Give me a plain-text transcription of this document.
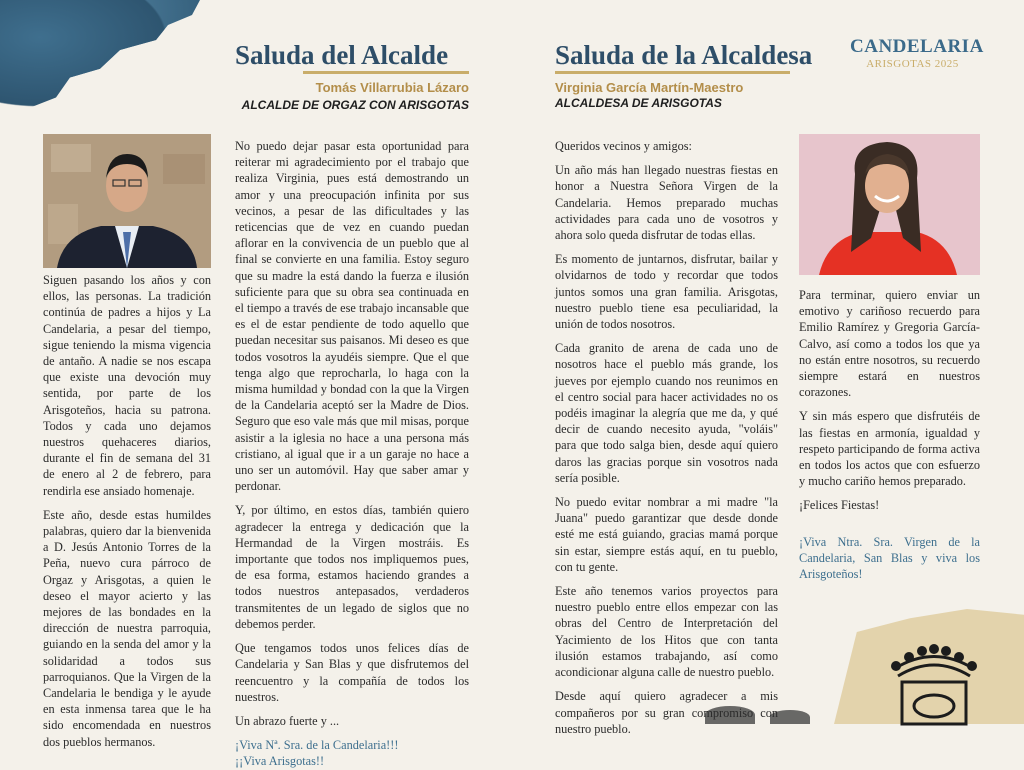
Saluda del Alcalde
Tomás Villarrubia Lázaro
ALCALDE DE ORGAZ CON ARISGOTAS
Saluda de la Alcaldesa
Virginia García Martín-Maestro
ALCALDESA DE ARISGOTAS
CANDELARIA
ARISGOTAS 2025

Siguen pasando los años y con ellos, las personas. La tradición continúa de padres a hijos y La Candelaria, a pesar del tiempo, sigue teniendo la misma vigencia de antaño. A nadie se nos escapa que existe una devoción muy sentida, por parte de los Arisgoteños, hacia su patrona. Todos y cada uno dejamos nuestros quehaceres diarios, durante el fin de semana del 31 de enero al 2 de febrero, para rendirla ese ansiado homenaje.

Este año, desde estas humildes palabras, quiero dar la bienvenida a D. Jesús Antonio Torres de la Peña, nuevo cura párroco de Orgaz y Arisgotas, a quien le deseo el mayor acierto y las mejores de las bondades en la dirección de nuestra parroquia, guiando en la senda del amor y la solidaridad a todos sus parroquianos. Que la Virgen de la Candelaria le bendiga y le ayude en esta inmensa tarea que le ha sido encomendada en nuestros dos pueblos hermanos.

No puedo dejar pasar esta oportunidad para reiterar mi agradecimiento por el trabajo que realiza Virginia, pues está demostrando un amor y una preocupación infinita por sus vecinos, a pesar de las dificultades y las reticencias que de vez en cuando puedan aflorar en la convivencia de un pueblo que al final se convierte en una familia. Estoy seguro que su madre la está dando la fuerza e ilusión suficiente para que su obra sea continuada en el tiempo a través de ese trabajo incansable que es el de estar pendiente de todo aquello que puedan necesitar sus paisanos. Mi deseo es que todos vosotros la ayudéis siempre. Que el que tenga algo que reprocharla, lo haga con la misma humildad y bondad con la que la Virgen de la Candelaria aceptó ser la Madre de Dios. Seguro que eso vale más que mil misas, porque asistir a la iglesia no hace a una persona más cristiano, al igual que ir a un garaje no hace a uno ser un automóvil. Hay que saber amar y perdonar.

Y, por último, en estos días, también quiero agradecer la entrega y dedicación que la Hermandad de la Virgen mostráis. Es importante que todos nos impliquemos pues, de esa forma, estamos haciendo grandes a todos nuestros antepasados, verdaderos transmitentes de un legado de siglos que no debemos perder.

Que tengamos todos unos felices días de Candelaria y San Blas y que disfrutemos del reencuentro y la compañía de todos los nuestros.

Un abrazo fuerte y ...

¡Viva Nª. Sra. de la Candelaria!!!

¡¡Viva Arisgotas!!

Queridos vecinos y amigos:

Un año más han llegado nuestras fiestas en honor a Nuestra Señora Virgen de la Candelaria. Hemos preparado muchas actividades para cada uno de vosotros y ahora solo queda disfrutar de todas ellas.

Es momento de juntarnos, disfrutar, bailar y olvidarnos de todo y recordar que todos juntos somos una gran familia. Arisgotas, nuestro pueblo tiene esa peculiaridad, la unión de todos nosotros.

Cada granito de arena de cada uno de nosotros hace el pueblo más grande, los jueves por ejemplo cuando nos reunimos en el centro social para hacer actividades no os podéis imaginar la alegría que me da, y qué decir de cuando necesito ayuda, "voláis" para que todo salga bien, desde aquí quiero daros las gracias porque sin vosotros nada sería posible.

No puedo evitar nombrar a mi madre "la Juana" puedo garantizar que desde donde esté me está guiando, gracias mamá porque sin estar, siempre estás aquí, en tu pueblo, con tu gente.

Este año tenemos varios proyectos para nuestro pueblo entre ellos empezar con las obras del Centro de Interpretación del Yacimiento de los Hitos que con tanta ilusión estamos trabajando, así como acondicionar alguna calle de nuestro pueblo.

Desde aquí quiero agradecer a mis compañeros por su gran compromiso con nuestro pueblo.

Para terminar, quiero enviar un emotivo y cariñoso recuerdo para Emilio Ramírez y Gregoria García-Calvo, así como a todos los que ya no están entre nosotros, su recuerdo siempre estará en nuestros corazones.

Y sin más espero que disfrutéis de las fiestas en armonía, igualdad y respeto participando de forma activa en todos los actos que con esfuerzo y mucho cariño hemos preparado.

¡Felices Fiestas!

¡Viva Ntra. Sra. Virgen de la Candelaria, San Blas y viva los Arisgoteños!
